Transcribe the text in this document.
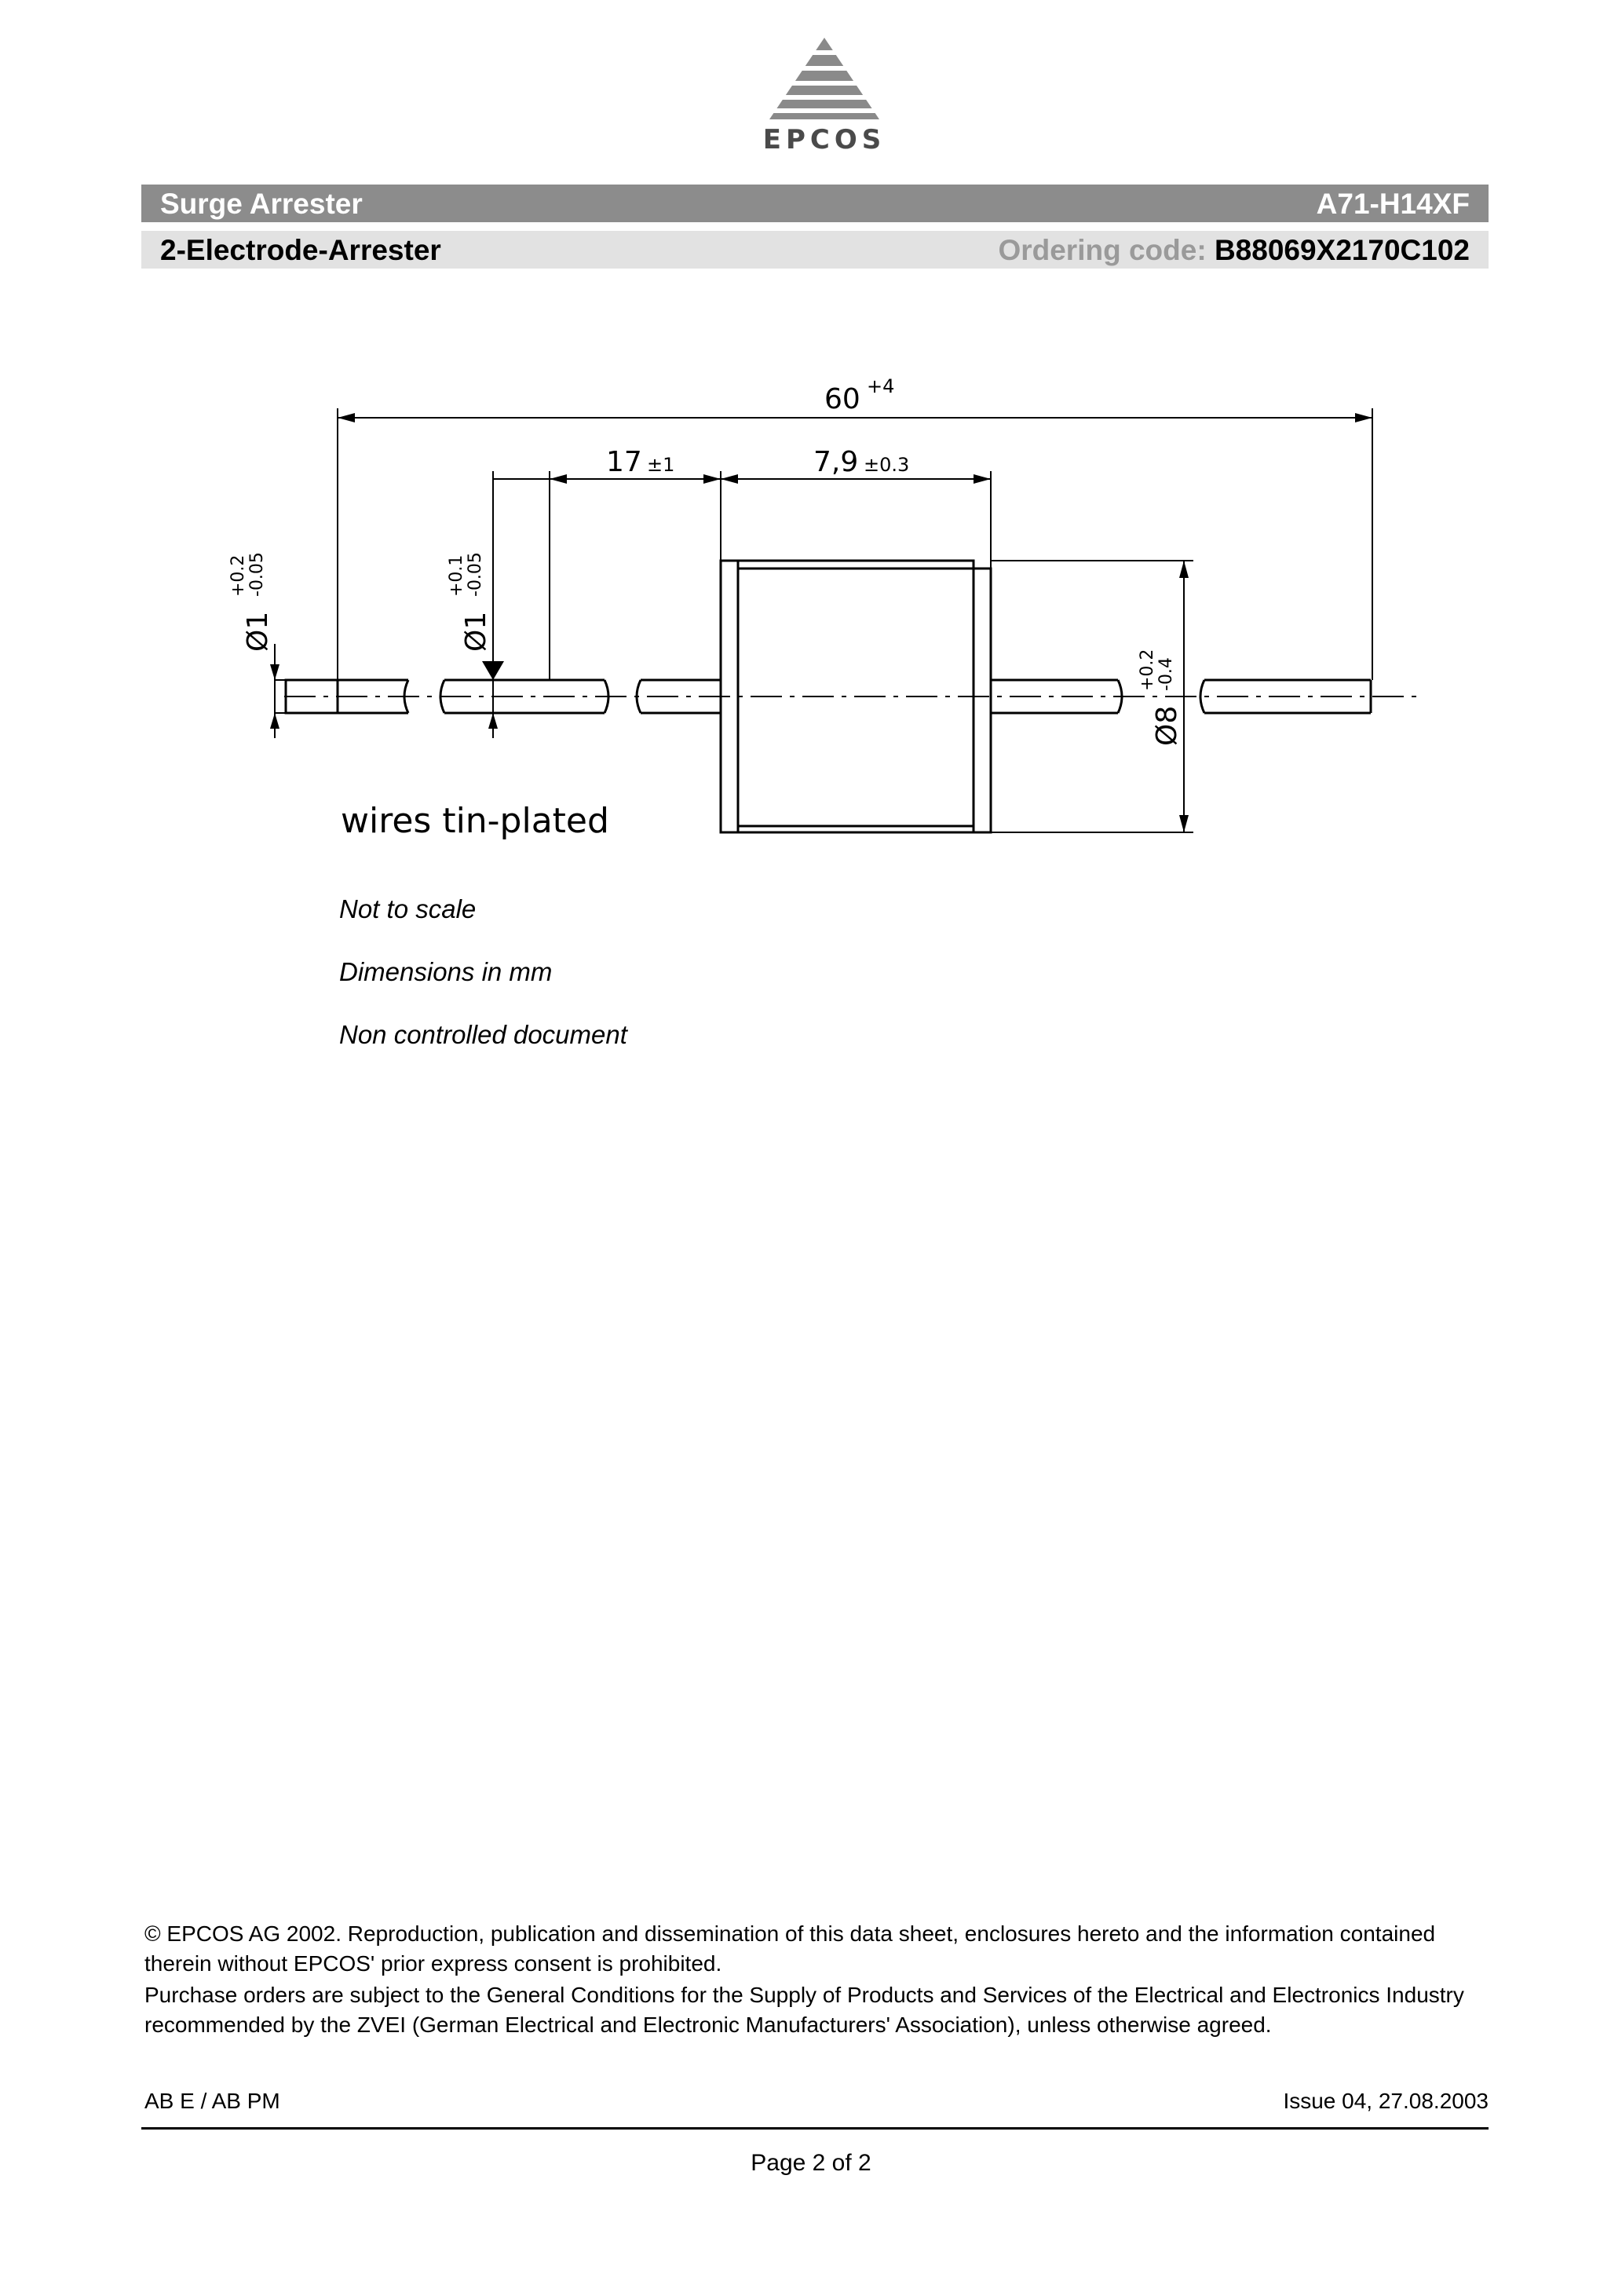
EPCOS
Surge Arrester	A71-H14XF
2-Electrode-Arrester	Ordering code: B88069X2170C102
60 +4
17 ±1	7,9 ±0.3
Ø1
+0.2 -0.05
Ø1
+0.1 -0.05
Ø8
+0.2 -0.4
wires tin-plated
Not to scale
Dimensions in mm
Non controlled document
© EPCOS AG 2002. Reproduction, publication and dissemination of this data sheet, enclosures hereto and the information contained therein without EPCOS' prior express consent is prohibited.
Purchase orders are subject to the General Conditions for the Supply of Products and Services of the Electrical and Electronics Industry recommended by the ZVEI (German Electrical and Electronic Manufacturers' Association), unless otherwise agreed.
AB E / AB PM	Issue 04, 27.08.2003
Page 2 of 2
